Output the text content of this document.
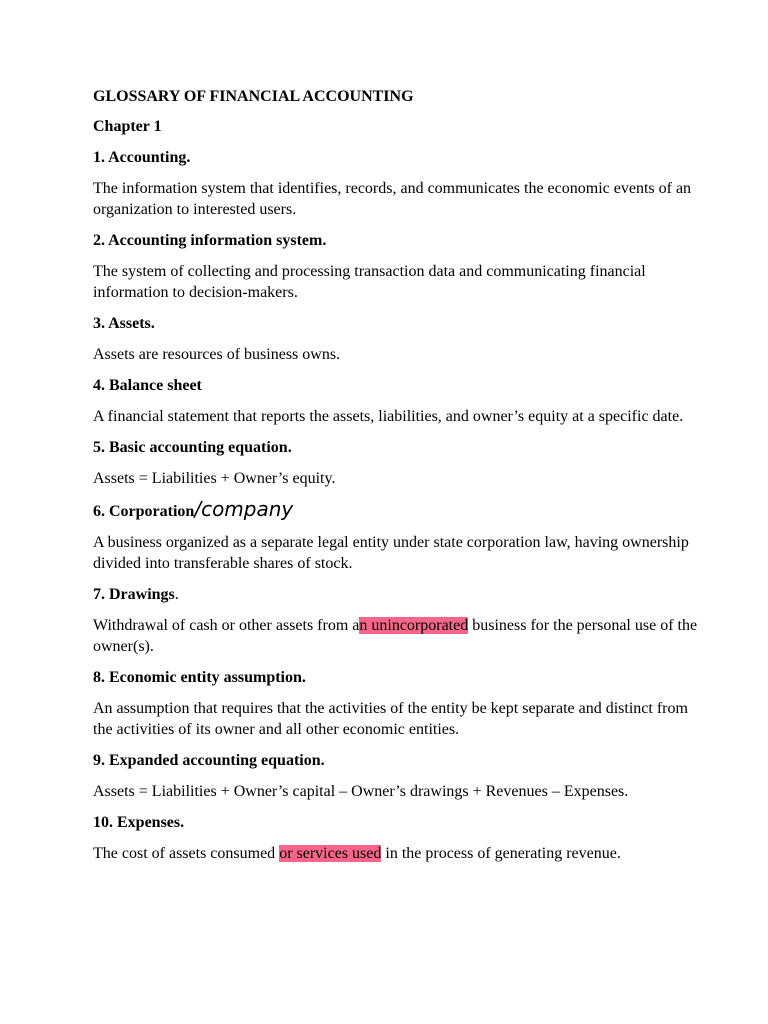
GLOSSARY OF FINANCIAL ACCOUNTING
Chapter 1
1. Accounting.
The information system that identifies, records, and communicates the economic events of an organization to interested users.
2. Accounting information system.
The system of collecting and processing transaction data and communicating financial information to decision-makers.
3. Assets.
Assets are resources of business owns.
4. Balance sheet
A financial statement that reports the assets, liabilities, and owner’s equity at a specific date.
5. Basic accounting equation.
Assets = Liabilities + Owner’s equity.
6. Corporation/company
A business organized as a separate legal entity under state corporation law, having ownership divided into transferable shares of stock.
7. Drawings.
Withdrawal of cash or other assets from an unincorporated business for the personal use of the owner(s).
8. Economic entity assumption.
An assumption that requires that the activities of the entity be kept separate and distinct from the activities of its owner and all other economic entities.
9. Expanded accounting equation.
Assets = Liabilities + Owner’s capital – Owner’s drawings + Revenues – Expenses.
10. Expenses.
The cost of assets consumed or services used in the process of generating revenue.
